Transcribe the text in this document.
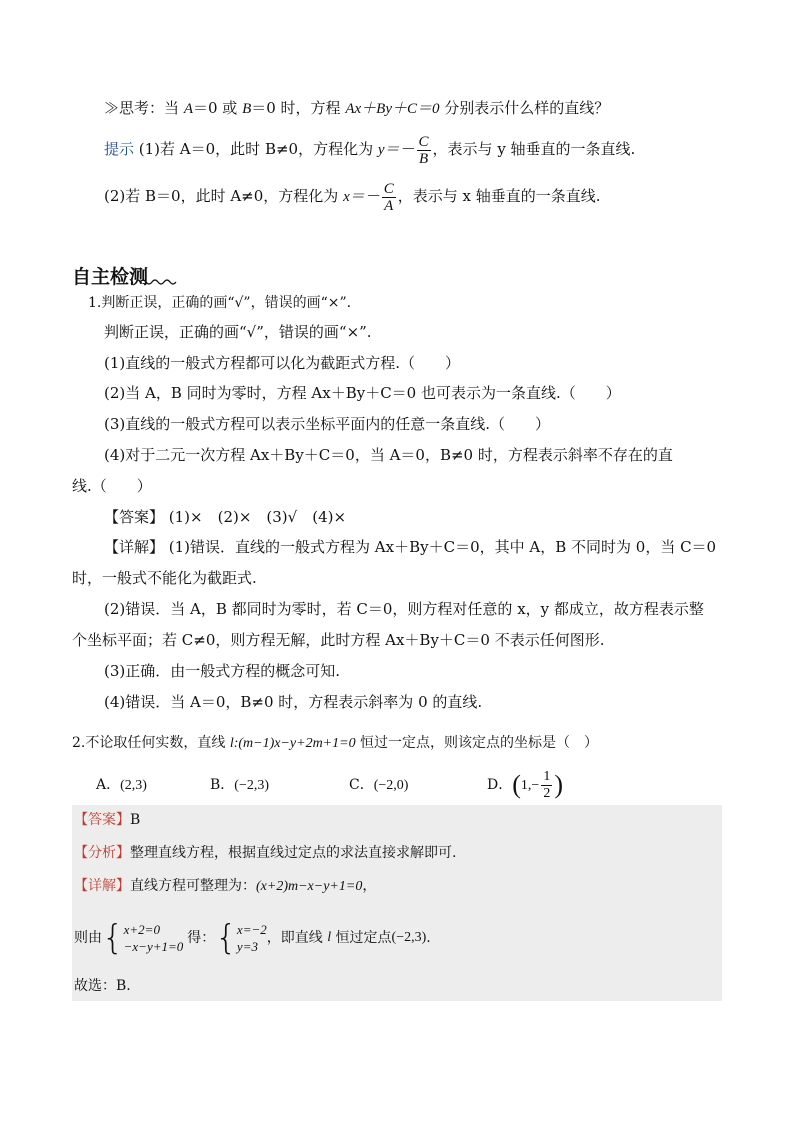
≫思考：当 A＝0 或 B＝0 时，方程 Ax＋By＋C＝0 分别表示什么样的直线？
提示 (1)若 A＝0，此时 B≠0，方程化为 $y=- \frac{C}{B}$ ，表示与 y 轴垂直的一条直线.
(2)若 B＝0，此时 A≠0，方程化为 $x=- \frac{C}{A}$ ，表示与 x 轴垂直的一条直线.
自主检测
1.判断正误，正确的画“√”，错误的画“×”.
判断正误，正确的画“√”，错误的画“×”.
(1)直线的一般式方程都可以化为截距式方程.（　　）
(2)当 A，B 同时为零时，方程 Ax＋By＋C＝0 也可表示为一条直线.（　　）
(3)直线的一般式方程可以表示坐标平面内的任意一条直线.（　　）
(4)对于二元一次方程 Ax＋By＋C＝0，当 A＝0，B≠0 时，方程表示斜率不存在的直
线.（　　）
【答案】 (1)×　(2)×　(3)√　(4)×
【详解】 (1)错误．直线的一般式方程为 Ax＋By＋C＝0，其中 A，B 不同时为 0，当 C＝0
时，一般式不能化为截距式.
(2)错误．当 A，B 都同时为零时，若 C＝0，则方程对任意的 x，y 都成立，故方程表示整
个坐标平面；若 C≠0，则方程无解，此时方程 Ax＋By＋C＝0 不表示任何图形.
(3)正确．由一般式方程的概念可知.
(4)错误．当 A＝0，B≠0 时，方程表示斜率为 0 的直线.
2.不论取任何实数，直线 l:(m−1)x−y+2m+1=0 恒过一定点，则该定点的坐标是（　）
A．(2,3)	B．(−2,3)	C．(−2,0)	D．($1,- \frac{1}{2}$ )
【答案】B
【分析】整理直线方程，根据直线过定点的求法直接求解即可.
【详解】直线方程可整理为：(x+2)m−x−y+1=0，
则由{ x+2=0
−x−y+1=0
得：{ x=−2
y=3
，即直线 l 恒过定点(−2,3).
故选：B.
